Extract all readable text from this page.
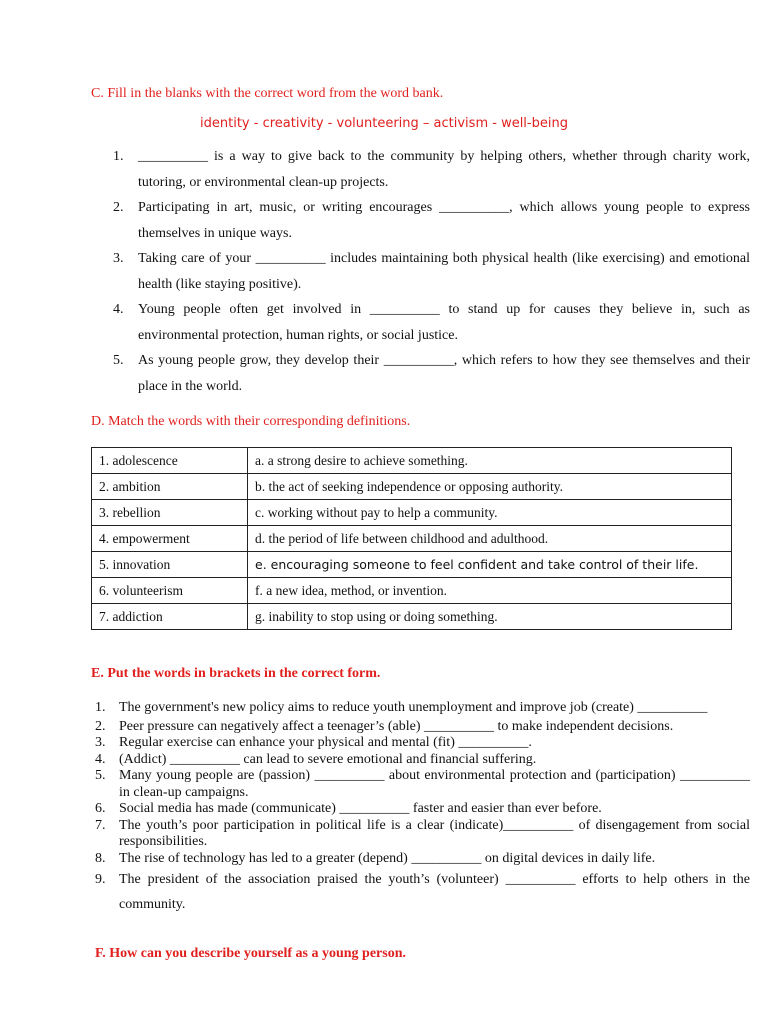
C. Fill in the blanks with the correct word from the word bank.
identity - creativity - volunteering – activism - well-being
1. __________ is a way to give back to the community by helping others, whether through charity work, tutoring, or environmental clean-up projects.
2. Participating in art, music, or writing encourages __________, which allows young people to express themselves in unique ways.
3. Taking care of your __________ includes maintaining both physical health (like exercising) and emotional health (like staying positive).
4. Young people often get involved in __________ to stand up for causes they believe in, such as environmental protection, human rights, or social justice.
5. As young people grow, they develop their __________, which refers to how they see themselves and their place in the world.
D. Match the words with their corresponding definitions.
1. adolescence	a. a strong desire to achieve something.
2. ambition	b. the act of seeking independence or opposing authority.
3. rebellion	c. working without pay to help a community.
4. empowerment	d. the period of life between childhood and adulthood.
5. innovation	e. encouraging someone to feel confident and take control of their life.
6. volunteerism	f. a new idea, method, or invention.
7. addiction	g. inability to stop using or doing something.
E. Put the words in brackets in the correct form.
1. The government's new policy aims to reduce youth unemployment and improve job (create) __________
2. Peer pressure can negatively affect a teenager’s (able) __________ to make independent decisions.
3. Regular exercise can enhance your physical and mental (fit) __________.
4. (Addict) __________ can lead to severe emotional and financial suffering.
5. Many young people are (passion) __________ about environmental protection and (participation) __________ in clean-up campaigns.
6. Social media has made (communicate) __________ faster and easier than ever before.
7. The youth’s poor participation in political life is a clear (indicate)__________ of disengagement from social responsibilities.
8. The rise of technology has led to a greater (depend) __________ on digital devices in daily life.
9. The president of the association praised the youth’s (volunteer) __________ efforts to help others in the community.
F. How can you describe yourself as a young person.
